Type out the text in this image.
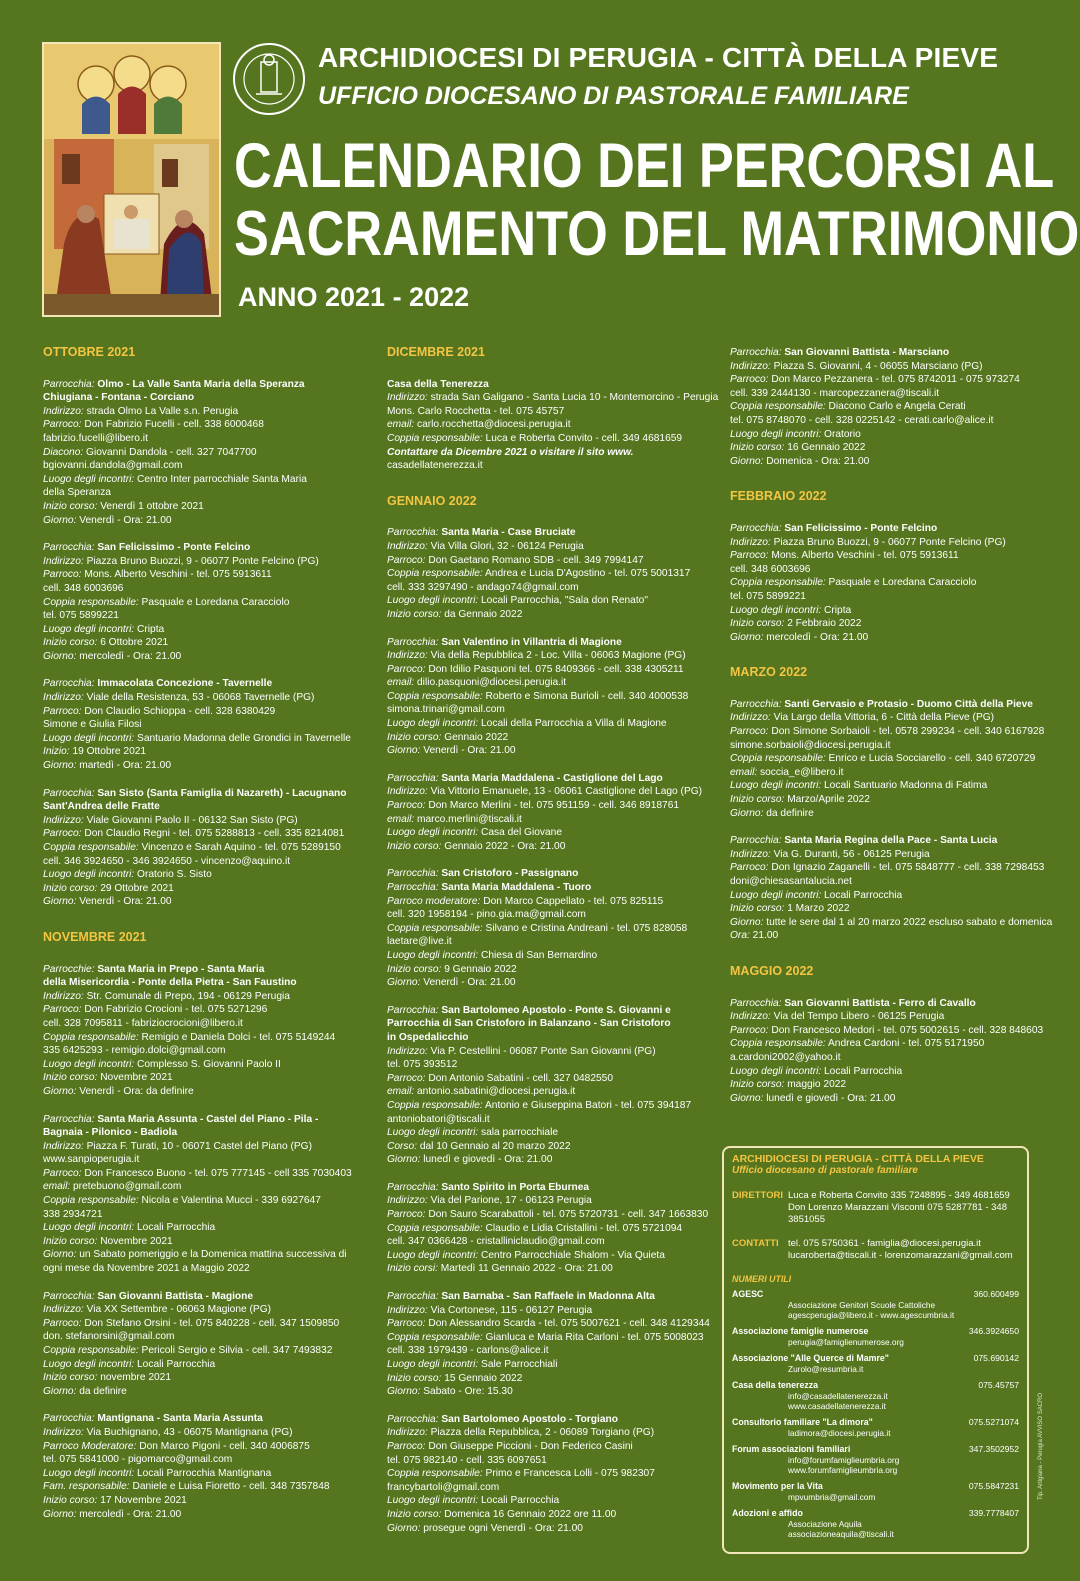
ARCHIDIOCESI DI PERUGIA - CITTÀ DELLA PIEVE
UFFICIO DIOCESANO DI PASTORALE FAMILIARE
CALENDARIO DEI PERCORSI AL
SACRAMENTO DEL MATRIMONIO
ANNO 2021 - 2022
OTTOBRE 2021
Parrocchia: Olmo - La Valle Santa Maria della Speranza
Chiugiana - Fontana - Corciano
Indirizzo: strada Olmo La Valle s.n. Perugia
Parroco: Don Fabrizio Fucelli - cell. 338 6000468
fabrizio.fucelli@libero.it
Diacono: Giovanni Dandola - cell. 327 7047700
bgiovanni.dandola@gmail.com
Luogo degli incontri: Centro Inter parrocchiale Santa Maria
della Speranza
Inizio corso: Venerdì 1 ottobre 2021
Giorno: Venerdì - Ora: 21.00
Parrocchia: San Felicissimo - Ponte Felcino
Indirizzo: Piazza Bruno Buozzi, 9 - 06077 Ponte Felcino (PG)
Parroco: Mons. Alberto Veschini - tel. 075 5913611
cell. 348 6003696
Coppia responsabile: Pasquale e Loredana Caracciolo
tel. 075 5899221
Luogo degli incontri: Cripta
Inizio corso: 6 Ottobre 2021
Giorno: mercoledì - Ora: 21.00
Parrocchia: Immacolata Concezione - Tavernelle
Indirizzo: Viale della Resistenza, 53 - 06068 Tavernelle (PG)
Parroco: Don Claudio Schioppa - cell. 328 6380429
Simone e Giulia Filosi
Luogo degli incontri: Santuario Madonna delle Grondici in Tavernelle
Inizio: 19 Ottobre 2021
Giorno: martedì - Ora: 21.00
Parrocchia: San Sisto (Santa Famiglia di Nazareth) - Lacugnano
Sant'Andrea delle Fratte
Indirizzo: Viale Giovanni Paolo II - 06132 San Sisto (PG)
Parroco: Don Claudio Regni - tel. 075 5288813 - cell. 335 8214081
Coppia responsabile: Vincenzo e Sarah Aquino - tel. 075 5289150
cell. 346 3924650 - 346 3924650 - vincenzo@aquino.it
Luogo degli incontri: Oratorio S. Sisto
Inizio corso: 29 Ottobre 2021
Giorno: Venerdì - Ora: 21.00
NOVEMBRE 2021
Parrocchie: Santa Maria in Prepo - Santa Maria
della Misericordia - Ponte della Pietra - San Faustino
Indirizzo: Str. Comunale di Prepo, 194 - 06129 Perugia
Parroco: Don Fabrizio Crocioni - tel. 075 5271296
cell. 328 7095811 - fabriziocrocioni@libero.it
Coppia responsabile: Remigio e Daniela Dolci - tel. 075 5149244
335 6425293 - remigio.dolci@gmail.com
Luogo degli incontri: Complesso S. Giovanni Paolo II
Inizio corso: Novembre 2021
Giorno: Venerdì - Ora: da definire
Parrocchia: Santa Maria Assunta - Castel del Piano - Pila -
Bagnaia - Pilonico - Badiola
Indirizzo: Piazza F. Turati, 10 - 06071 Castel del Piano (PG)
www.sanpioperugia.it
Parroco: Don Francesco Buono - tel. 075 777145 - cell 335 7030403
email: pretebuono@gmail.com
Coppia responsabile: Nicola e Valentina Mucci - 339 6927647
338 2934721
Luogo degli incontri: Locali Parrocchia
Inizio corso: Novembre 2021
Giorno: un Sabato pomeriggio e la Domenica mattina successiva di
ogni mese da Novembre 2021 a Maggio 2022
Parrocchia: San Giovanni Battista - Magione
Indirizzo: Via XX Settembre - 06063 Magione (PG)
Parroco: Don Stefano Orsini - tel. 075 840228 - cell. 347 1509850
don. stefanorsini@gmail.com
Coppia responsabile: Pericoli Sergio e Silvia - cell. 347 7493832
Luogo degli incontri: Locali Parrocchia
Inizio corso: novembre 2021
Giorno: da definire
Parrocchia: Mantignana - Santa Maria Assunta
Indirizzo: Via Buchignano, 43 - 06075 Mantignana (PG)
Parroco Moderatore: Don Marco Pigoni - cell. 340 4006875
tel. 075 5841000 - pigomarco@gmail.com
Luogo degli incontri: Locali Parrocchia Mantignana
Fam. responsabile: Daniele e Luisa Fioretto - cell. 348 7357848
Inizio corso: 17 Novembre 2021
Giorno: mercoledì - Ora: 21.00
DICEMBRE 2021
Casa della Tenerezza
Indirizzo: strada San Galigano - Santa Lucia 10 - Montemorcino - Perugia
Mons. Carlo Rocchetta - tel. 075 45757
email: carlo.rocchetta@diocesi.perugia.it
Coppia responsabile: Luca e Roberta Convito - cell. 349 4681659
Contattare da Dicembre 2021 o visitare il sito www.
casadellatenerezza.it
GENNAIO 2022
Parrocchia: Santa Maria - Case Bruciate
Indirizzo: Via Villa Glori, 32 - 06124 Perugia
Parroco: Don Gaetano Romano SDB - cell. 349 7994147
Coppia responsabile: Andrea e Lucia D'Agostino - tel. 075 5001317
cell. 333 3297490 - andago74@gmail.com
Luogo degli incontri: Locali Parrocchia, "Sala don Renato"
Inizio corso: da Gennaio 2022
Parrocchia: San Valentino in Villantria di Magione
Indirizzo: Via della Repubblica 2 - Loc. Villa - 06063 Magione (PG)
Parroco: Don Idilio Pasquoni tel. 075 8409366 - cell. 338 4305211
email: dilio.pasquoni@diocesi.perugia.it
Coppia responsabile: Roberto e Simona Burioli - cell. 340 4000538
simona.trinari@gmail.com
Luogo degli incontri: Locali della Parrocchia a Villa di Magione
Inizio corso: Gennaio 2022
Giorno: Venerdì - Ora: 21.00
Parrocchia: Santa Maria Maddalena - Castiglione del Lago
Indirizzo: Via Vittorio Emanuele, 13 - 06061 Castiglione del Lago (PG)
Parroco: Don Marco Merlini - tel. 075 951159 - cell. 346 8918761
email: marco.merlini@tiscali.it
Luogo degli incontri: Casa del Giovane
Inizio corso: Gennaio 2022 - Ora: 21.00
Parrocchia: San Cristoforo - Passignano
Parrocchia: Santa Maria Maddalena - Tuoro
Parroco moderatore: Don Marco Cappellato - tel. 075 825115
cell. 320 1958194 - pino.gia.ma@gmail.com
Coppia responsabile: Silvano e Cristina Andreani - tel. 075 828058
laetare@live.it
Luogo degli incontri: Chiesa di San Bernardino
Inizio corso: 9 Gennaio 2022
Giorno: Venerdì - Ora: 21.00
Parrocchia: San Bartolomeo Apostolo - Ponte S. Giovanni e
Parrocchia di San Cristoforo in Balanzano - San Cristoforo
in Ospedalicchio
Indirizzo: Via P. Cestellini - 06087 Ponte San Giovanni (PG)
tel. 075 393512
Parroco: Don Antonio Sabatini - cell. 327 0482550
email: antonio.sabatini@diocesi.perugia.it
Coppia responsabile: Antonio e Giuseppina Batori - tel. 075 394187
antoniobatori@tiscali.it
Luogo degli incontri: sala parrocchiale
Corso: dal 10 Gennaio al 20 marzo 2022
Giorno: lunedì e giovedì - Ora: 21.00
Parrocchia: Santo Spirito in Porta Eburnea
Indirizzo: Via del Parione, 17 - 06123 Perugia
Parroco: Don Sauro Scarabattoli - tel. 075 5720731 - cell. 347 1663830
Coppia responsabile: Claudio e Lidia Cristallini - tel. 075 5721094
cell. 347 0366428 - cristalliniclaudio@gmail.com
Luogo degli incontri: Centro Parrocchiale Shalom - Via Quieta
Inizio corsi: Martedì 11 Gennaio 2022 - Ora: 21.00
Parrocchia: San Barnaba - San Raffaele in Madonna Alta
Indirizzo: Via Cortonese, 115 - 06127 Perugia
Parroco: Don Alessandro Scarda - tel. 075 5007621 - cell. 348 4129344
Coppia responsabile: Gianluca e Maria Rita Carloni - tel. 075 5008023
cell. 338 1979439 - carlons@alice.it
Luogo degli incontri: Sale Parrocchiali
Inizio corso: 15 Gennaio 2022
Giorno: Sabato - Ore: 15.30
Parrocchia: San Bartolomeo Apostolo - Torgiano
Indirizzo: Piazza della Repubblica, 2 - 06089 Torgiano (PG)
Parroco: Don Giuseppe Piccioni - Don Federico Casini
tel. 075 982140 - cell. 335 6097651
Coppia responsabile: Primo e Francesca Lolli - 075 982307
francybartoli@gmail.com
Luogo degli incontri: Locali Parrocchia
Inizio corso: Domenica 16 Gennaio 2022 ore 11.00
Giorno: prosegue ogni Venerdì - Ora: 21.00
Parrocchia: San Giovanni Battista - Marsciano
Indirizzo: Piazza S. Giovanni, 4 - 06055 Marsciano (PG)
Parroco: Don Marco Pezzanera - tel. 075 8742011 - 075 973274
cell. 339 2444130 - marcopezzanera@tiscali.it
Coppia responsabile: Diacono Carlo e Angela Cerati
tel. 075 8748070 - cell. 328 0225142 - cerati.carlo@alice.it
Luogo degli incontri: Oratorio
Inizio corso: 16 Gennaio 2022
Giorno: Domenica - Ora: 21.00
FEBBRAIO 2022
Parrocchia: San Felicissimo - Ponte Felcino
Indirizzo: Piazza Bruno Buozzi, 9 - 06077 Ponte Felcino (PG)
Parroco: Mons. Alberto Veschini - tel. 075 5913611
cell. 348 6003696
Coppia responsabile: Pasquale e Loredana Caracciolo
tel. 075 5899221
Luogo degli incontri: Cripta
Inizio corso: 2 Febbraio 2022
Giorno: mercoledì - Ora: 21.00
MARZO 2022
Parrocchia: Santi Gervasio e Protasio - Duomo Città della Pieve
Indirizzo: Via Largo della Vittoria, 6 - Città della Pieve (PG)
Parroco: Don Simone Sorbaioli - tel. 0578 299234 - cell. 340 6167928
simone.sorbaioli@diocesi.perugia.it
Coppia responsabile: Enrico e Lucia Socciarello - cell. 340 6720729
email: soccia_e@libero.it
Luogo degli incontri: Locali Santuario Madonna di Fatima
Inizio corso: Marzo/Aprile 2022
Giorno: da definire
Parrocchia: Santa Maria Regina della Pace - Santa Lucia
Indirizzo: Via G. Duranti, 56 - 06125 Perugia
Parroco: Don Ignazio Zaganelli - tel. 075 5848777 - cell. 338 7298453
doni@chiesasantalucia.net
Luogo degli incontri: Locali Parrocchia
Inizio corso: 1 Marzo 2022
Giorno: tutte le sere dal 1 al 20 marzo 2022 escluso sabato e domenica
Ora: 21.00
MAGGIO 2022
Parrocchia: San Giovanni Battista - Ferro di Cavallo
Indirizzo: Via del Tempo Libero - 06125 Perugia
Parroco: Don Francesco Medori - tel. 075 5002615 - cell. 328 848603
Coppia responsabile: Andrea Cardoni - tel. 075 5171950
a.cardoni2002@yahoo.it
Luogo degli incontri: Locali Parrocchia
Inizio corso: maggio 2022
Giorno: lunedì e giovedì - Ora: 21.00
ARCHIDIOCESI DI PERUGIA - CITTÀ DELLA PIEVE
Ufficio diocesano di pastorale familiare
DIRETTORI Luca e Roberta Convito 335 7248895 - 349 4681659
Don Lorenzo Marazzani Visconti 075 5287781 - 348 3851055
CONTATTI tel. 075 5750361 - famiglia@diocesi.perugia.it
lucaroberta@tiscali.it - lorenzomarazzani@gmail.com
NUMERI UTILI
AGESC
Associazione Genitori Scuole Cattoliche
agescperugia@libero.it - www.agescumbria.it
360.600499
Associazione famiglie numerose
perugia@famiglienumerose.org
346.3924650
Associazione "Alle Querce di Mamre"
Zurolo@resumbria.it
075.690142
Casa della tenerezza
info@casadellatenerezza.it
www.casadellatenerezza.it
075.45757
Consultorio familiare "La dimora"
ladimora@diocesi.perugia.it
075.5271074
Forum associazioni familiari
info@forumfamiglieumbria.org
www.forumfamiglieumbria.org
347.3502952
Movimento per la Vita
mpvumbria@gmail.com
075.5847231
Adozioni e affido
Associazione Aquila
associazioneaquila@tiscali.it
339.7778407
Tip. Artigiana - Perugia AVVISO SACRO
